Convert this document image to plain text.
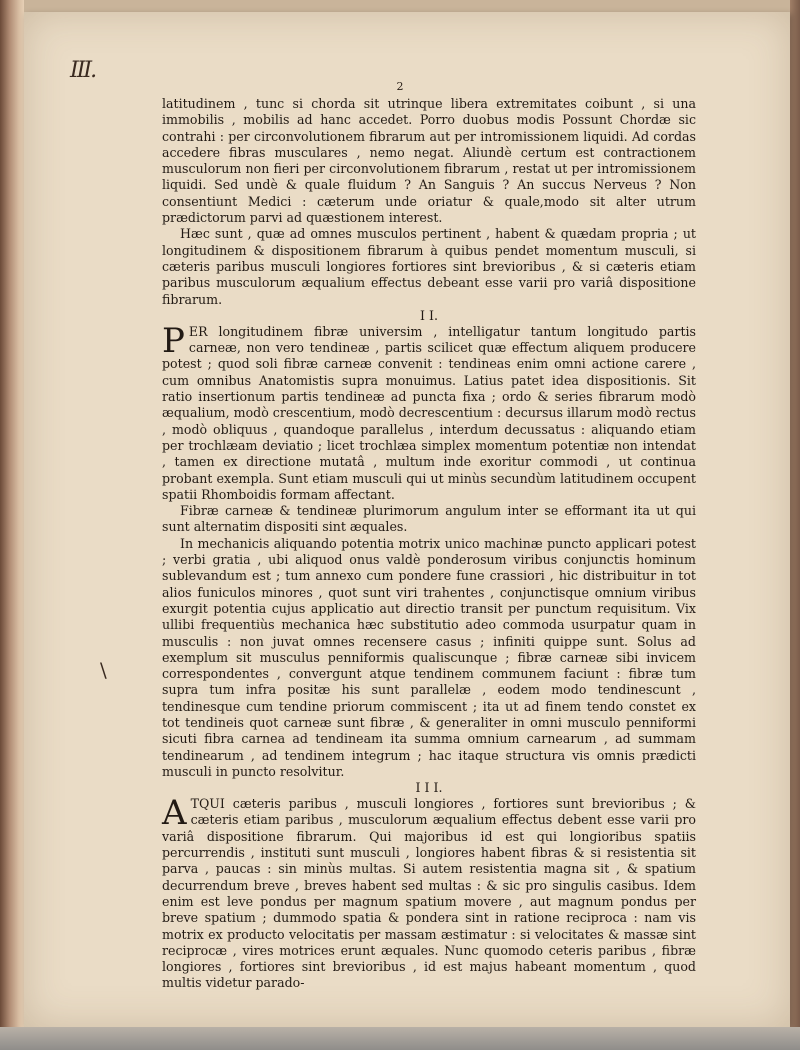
III.
2
\

latitudinem , tunc si chorda sit utrinque libera extremitates coibunt , si una immobilis , mobilis ad hanc accedet. Porro duobus modis Possunt Chordæ sic contrahi : per circonvolutionem fibrarum aut per intromissionem liquidi. Ad cordas accedere fibras musculares , nemo negat. Aliundè certum est contractionem musculorum non fieri per circonvolutionem fibrarum , restat ut per intromissionem liquidi. Sed undè & quale fluidum ? An Sanguis ? An succus Nerveus ? Non consentiunt Medici : cæterum unde oriatur & quale,modo sit alter utrum prædictorum parvi ad quæstionem interest.

Hæc sunt , quæ ad omnes musculos pertinent , habent & quædam propria ; ut longitudinem & dispositionem fibrarum à quibus pendet momentum musculi, si cæteris paribus musculi longiores fortiores sint brevioribus , & si cæteris etiam paribus musculorum æqualium effectus debeant esse varii pro variâ dispositione fibrarum.

I I.

PER longitudinem fibræ universim , intelligatur tantum longitudo partis carneæ, non vero tendineæ , partis scilicet quæ effectum aliquem producere potest ; quod soli fibræ carneæ convenit : tendineas enim omni actione carere , cum omnibus Anatomistis supra monuimus. Latius patet idea dispositionis. Sit ratio insertionum partis tendineæ ad puncta fixa ; ordo & series fibrarum modò æqualium, modò crescentium, modò decrescentium : decursus illarum modò rectus , modò obliquus , quandoque parallelus , interdum decussatus : aliquando etiam per trochlæam deviatio ; licet trochlæa simplex momentum potentiæ non intendat , tamen ex directione mutatâ , multum inde exoritur commodi , ut continua probant exempla. Sunt etiam musculi qui ut minùs secundùm latitudinem occupent spatii Rhomboidis formam affectant.

Fibræ carneæ & tendineæ plurimorum angulum inter se efformant ita ut qui sunt alternatim dispositi sint æquales.

In mechanicis aliquando potentia motrix unico machinæ puncto applicari potest ; verbi gratia , ubi aliquod onus valdè ponderosum viribus conjunctis hominum sublevandum est ; tum annexo cum pondere fune crassiori , hic distribuitur in tot alios funiculos minores , quot sunt viri trahentes , conjunctisque omnium viribus exurgit potentia cujus applicatio aut directio transit per punctum requisitum. Vix ullibi frequentiùs mechanica hæc substitutio adeo commoda usurpatur quam in musculis : non juvat omnes recensere casus ; infiniti quippe sunt. Solus ad exemplum sit musculus penniformis qualiscunque ; fibræ carneæ sibi invicem correspondentes , convergunt atque tendinem communem faciunt : fibræ tum supra tum infra positæ his sunt parallelæ , eodem modo tendinescunt , tendinesque cum tendine priorum commiscent ; ita ut ad finem tendo constet ex tot tendineis quot carneæ sunt fibræ , & generaliter in omni musculo penniformi sicuti fibra carnea ad tendineam ita summa omnium carnearum , ad summam tendinearum , ad tendinem integrum ; hac itaque structura vis omnis prædicti musculi in puncto resolvitur.

I I I.

ATQUI cæteris paribus , musculi longiores , fortiores sunt brevioribus ; & cæteris etiam paribus , musculorum æqualium effectus debent esse varii pro variâ dispositione fibrarum. Qui majoribus id est qui longioribus spatiis percurrendis , instituti sunt musculi , longiores habent fibras & si resistentia sit parva , paucas : sin minùs multas. Si autem resistentia magna sit , & spatium decurrendum breve , breves habent sed multas : & sic pro singulis casibus. Idem enim est leve pondus per magnum spatium movere , aut magnum pondus per breve spatium ; dummodo spatia & pondera sint in ratione reciproca : nam vis motrix ex producto velocitatis per massam æstimatur : si velocitates & massæ sint reciprocæ , vires motrices erunt æquales. Nunc quomodo ceteris paribus , fibræ longiores , fortiores sint brevioribus , id est majus habeant momentum , quod multis videtur parado-
